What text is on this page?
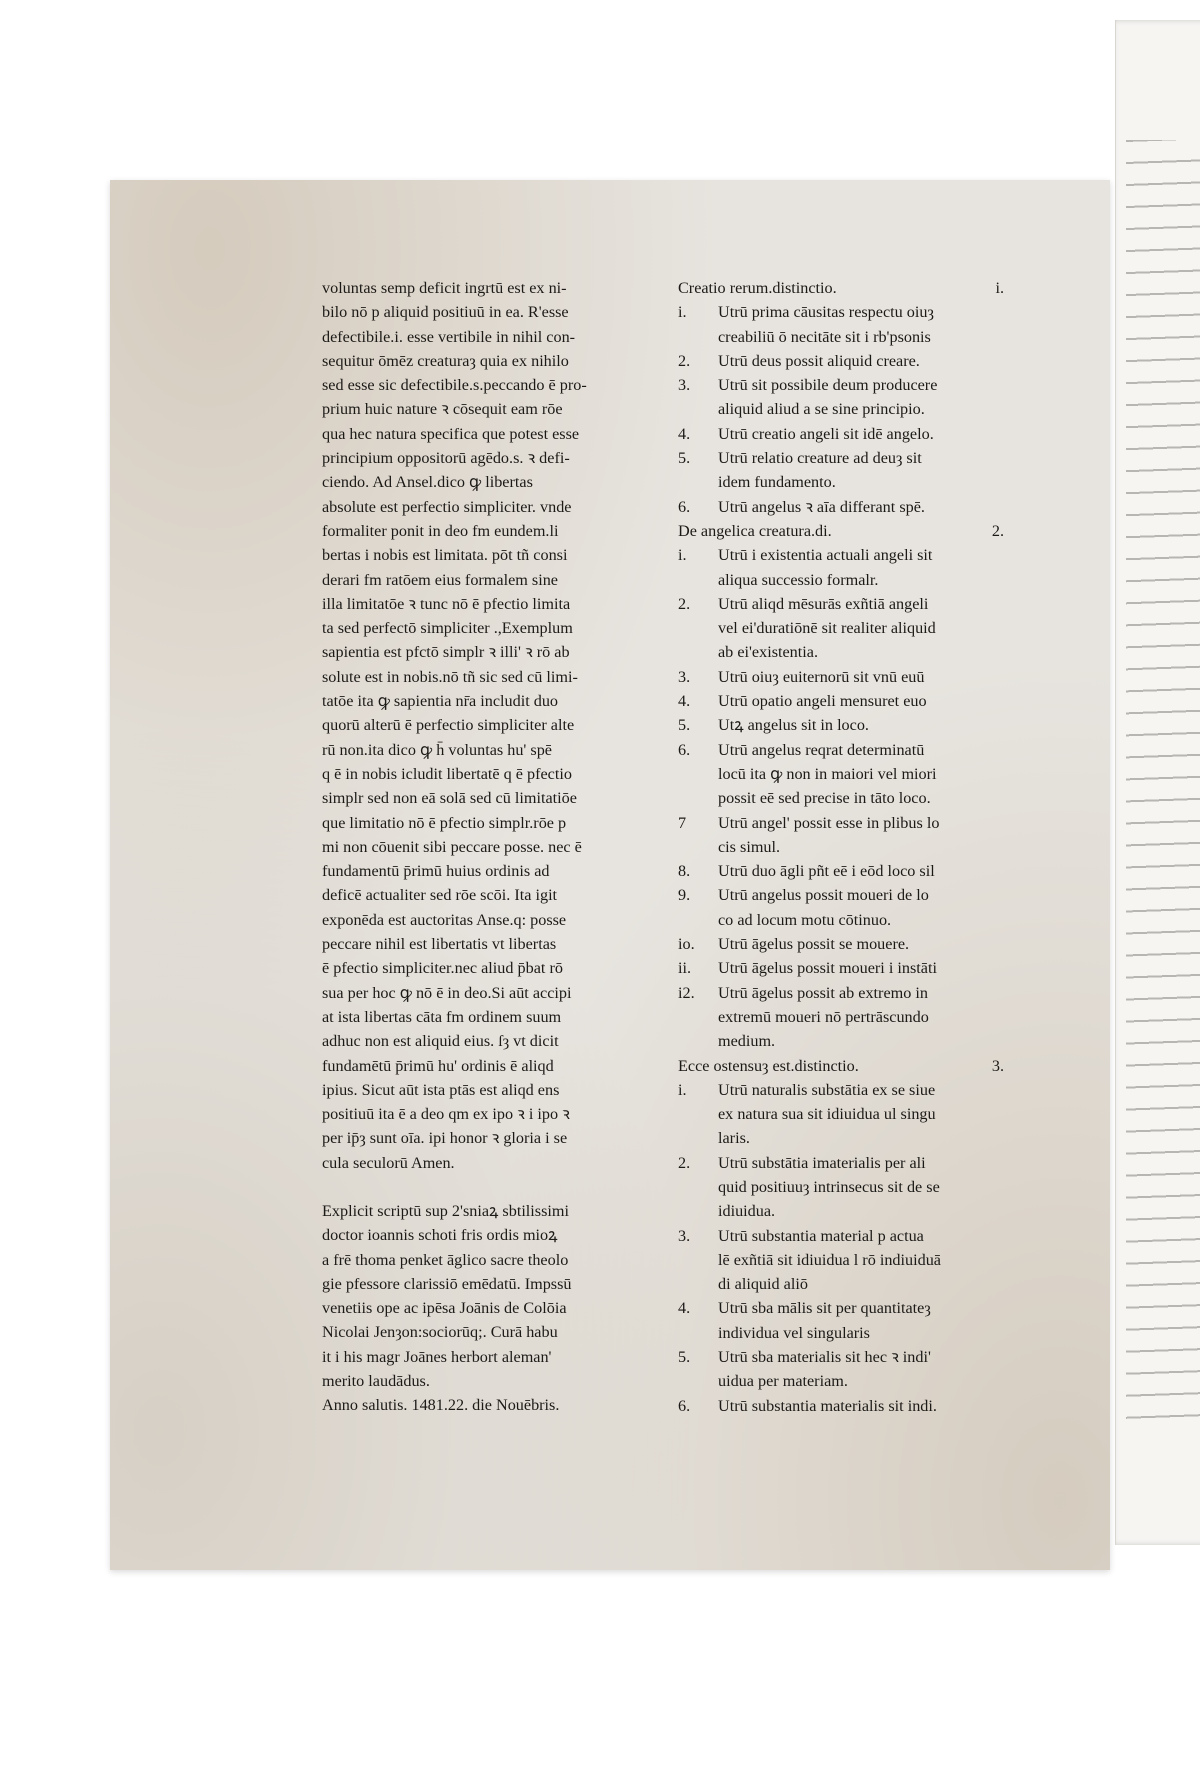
voluntas semp deficit ingrtū est ex ni-
bilo nō p aliquid positiuū in ea. R'esse
defectibile.i. esse vertibile in nihil con-
sequitur ōmēz creaturaȝ quia ex nihilo
sed esse sic defectibile.s.peccando ē pro-
prium huic nature ꝛ cōsequit eam rōe
qua hec natura specifica que potest esse
principium oppositorū agēdo.s. ꝛ defi-
ciendo. Ad Ansel.dico ꝙ libertas
absolute est perfectio simpliciter. vnde
formaliter ponit in deo fm eundem.li
bertas i nobis est limitata. pōt tñ consi
derari fm ratōem eius formalem sine
illa limitatōe ꝛ tunc nō ē pfectio limita
ta sed perfectō simpliciter .,Exemplum
sapientia est pfctō simplr ꝛ illi' ꝛ rō ab
solute est in nobis.nō tñ sic sed cū limi-
tatōe ita ꝙ sapientia nr̄a includit duo
quorū alterū ē perfectio simpliciter alte
rū non.ita dico ꝙ h̄ voluntas hu' spē
q ē in nobis icludit libertatē q ē pfectio
simplr sed non eā solā sed cū limitatiōe
que limitatio nō ē pfectio simplr.rōe p
mi non cōuenit sibi peccare posse. nec ē
fundamentū p̄rimū huius ordinis ad
deficē actualiter sed rōe scōi. Ita igit
exponēda est auctoritas Anse.q: posse
peccare nihil est libertatis vt libertas
ē pfectio simpliciter.nec aliud p̄bat rō
sua per hoc ꝙ nō ē in deo.Si aūt accipi
at ista libertas cāta fm ordinem suum
adhuc non est aliquid eius. ſȝ vt dicit
fundamētū p̄rimū hu' ordinis ē aliqd
ipius. Sicut aūt ista ptās est aliqd ens
positiuū ita ē a deo qm ex ipo ꝛ i ipo ꝛ
per ip̄ȝ sunt oīa. ipi honor ꝛ gloria i se
cula seculorū Amen.
Explicit scriptū sup 2'sniaꝝ sbtilissimi
doctor ioannis schoti fris ordis mioꝝ
a frē thoma penket āglico sacre theolo
gie pfessore clarissiō emēdatū. Impssū
venetiis ope ac ipēsa Joānis de Colōia
Nicolai Jenȝon:sociorūq;. Curā habu
it i his magr Joānes herbort aleman'
merito laudādus.
Anno salutis. 1481.22. die Nouēbris.
Creatio rerum.distinctio.	i.
i.	Utrū prima cāusitas respectu oiuȝ
creabiliū ō necitāte sit i rb'psonis
2.	Utrū deus possit aliquid creare.
3.	Utrū sit possibile deum producere
aliquid aliud a se sine principio.
4.	Utrū creatio angeli sit idē angelo.
5.	Utrū relatio creature ad deuȝ sit
idem fundamento.
6.	Utrū angelus ꝛ aīa differant spē.
De angelica creatura.di.	2.
i.	Utrū i existentia actuali angeli sit
aliqua successio formalr.
2.	Utrū aliqd mēsurās exñtiā angeli
vel ei'duratiōnē sit realiter aliquid
ab ei'existentia.
3.	Utrū oiuȝ euiternorū sit vnū euū
4.	Utrū opatio angeli mensuret euo
5.	Utꝝ angelus sit in loco.
6.	Utrū angelus reqrat determinatū
locū ita ꝙ non in maiori vel miori
possit eē sed precise in tāto loco.
7	Utrū angel' possit esse in plibus lo
cis simul.
8.	Utrū duo āgli pñt eē i eōd loco sil
9.	Utrū angelus possit moueri de lo
co ad locum motu cōtinuo.
io.	Utrū āgelus possit se mouere.
ii.	Utrū āgelus possit moueri i instāti
i2.	Utrū āgelus possit ab extremo in
extremū moueri nō pertrāscundo
medium.
Ecce ostensuȝ est.distinctio.	3.
i.	Utrū naturalis substātia ex se siue
ex natura sua sit idiuidua ul singu
laris.
2.	Utrū substātia imaterialis per ali
quid positiuuȝ intrinsecus sit de se
idiuidua.
3.	Utrū substantia material p actua
lē exñtiā sit idiuidua l rō indiuiduā
di aliquid aliō
4.	Utrū sba mālis sit per quantitateȝ
individua vel singularis
5.	Utrū sba materialis sit hec ꝛ indi'
uidua per materiam.
6.	Utrū substantia materialis sit indi.
